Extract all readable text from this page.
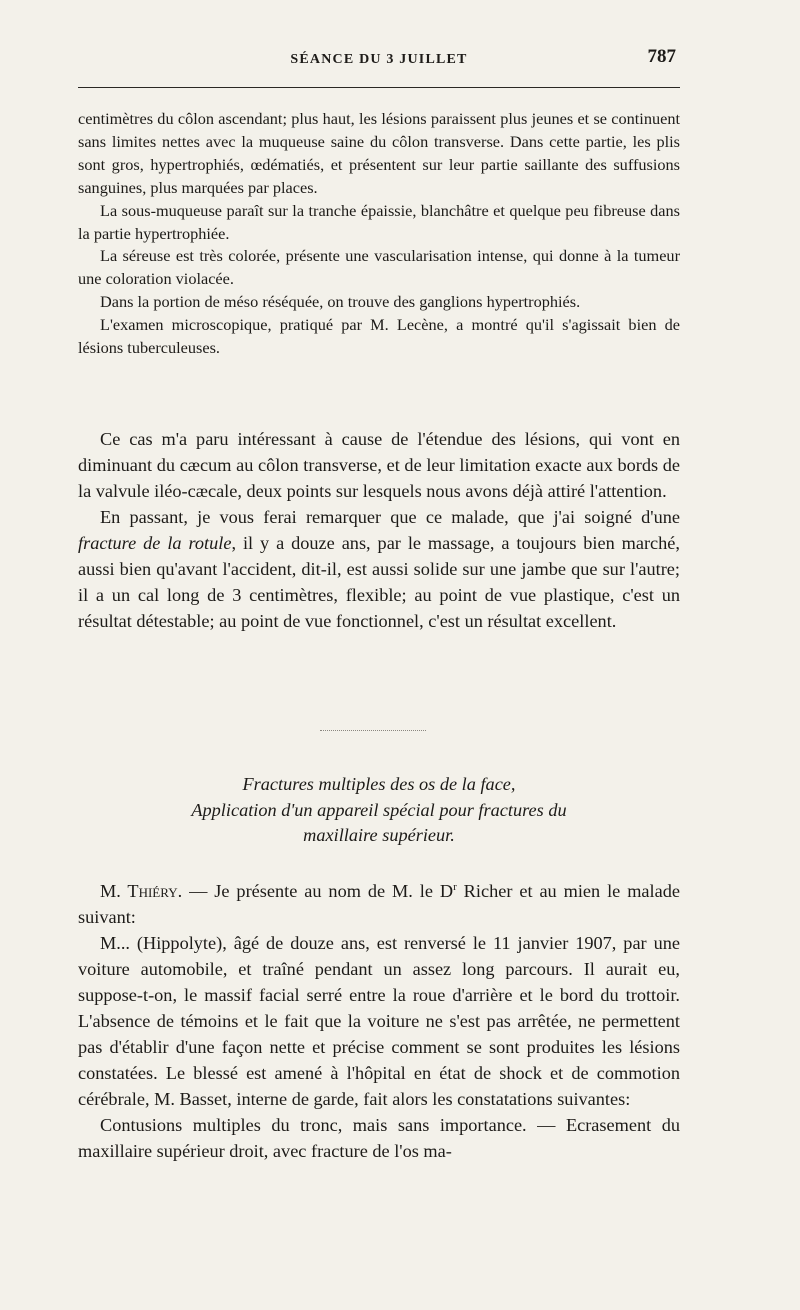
SÉANCE DU 3 JUILLET	787

centimètres du côlon ascendant; plus haut, les lésions paraissent plus jeunes et se continuent sans limites nettes avec la muqueuse saine du côlon transverse. Dans cette partie, les plis sont gros, hypertrophiés, œdématiés, et présentent sur leur partie saillante des suffusions sanguines, plus marquées par places.

La sous-muqueuse paraît sur la tranche épaissie, blanchâtre et quelque peu fibreuse dans la partie hypertrophiée.

La séreuse est très colorée, présente une vascularisation intense, qui donne à la tumeur une coloration violacée.

Dans la portion de méso réséquée, on trouve des ganglions hypertrophiés.

L'examen microscopique, pratiqué par M. Lecène, a montré qu'il s'agissait bien de lésions tuberculeuses.

Ce cas m'a paru intéressant à cause de l'étendue des lésions, qui vont en diminuant du cæcum au côlon transverse, et de leur limitation exacte aux bords de la valvule iléo-cæcale, deux points sur lesquels nous avons déjà attiré l'attention.

En passant, je vous ferai remarquer que ce malade, que j'ai soigné d'une fracture de la rotule, il y a douze ans, par le massage, a toujours bien marché, aussi bien qu'avant l'accident, dit-il, est aussi solide sur une jambe que sur l'autre; il a un cal long de 3 centimètres, flexible; au point de vue plastique, c'est un résultat détestable; au point de vue fonctionnel, c'est un résultat excellent.

Fractures multiples des os de la face,
Application d'un appareil spécial pour fractures du
maxillaire supérieur.

M. Thiéry. — Je présente au nom de M. le $D^r$ Richer et au mien le malade suivant:

M... (Hippolyte), âgé de douze ans, est renversé le 11 janvier 1907, par une voiture automobile, et traîné pendant un assez long parcours. Il aurait eu, suppose-t-on, le massif facial serré entre la roue d'arrière et le bord du trottoir. L'absence de témoins et le fait que la voiture ne s'est pas arrêtée, ne permettent pas d'établir d'une façon nette et précise comment se sont produites les lésions constatées. Le blessé est amené à l'hôpital en état de shock et de commotion cérébrale, M. Basset, interne de garde, fait alors les constatations suivantes:

Contusions multiples du tronc, mais sans importance. — Ecrasement du maxillaire supérieur droit, avec fracture de l'os ma-
